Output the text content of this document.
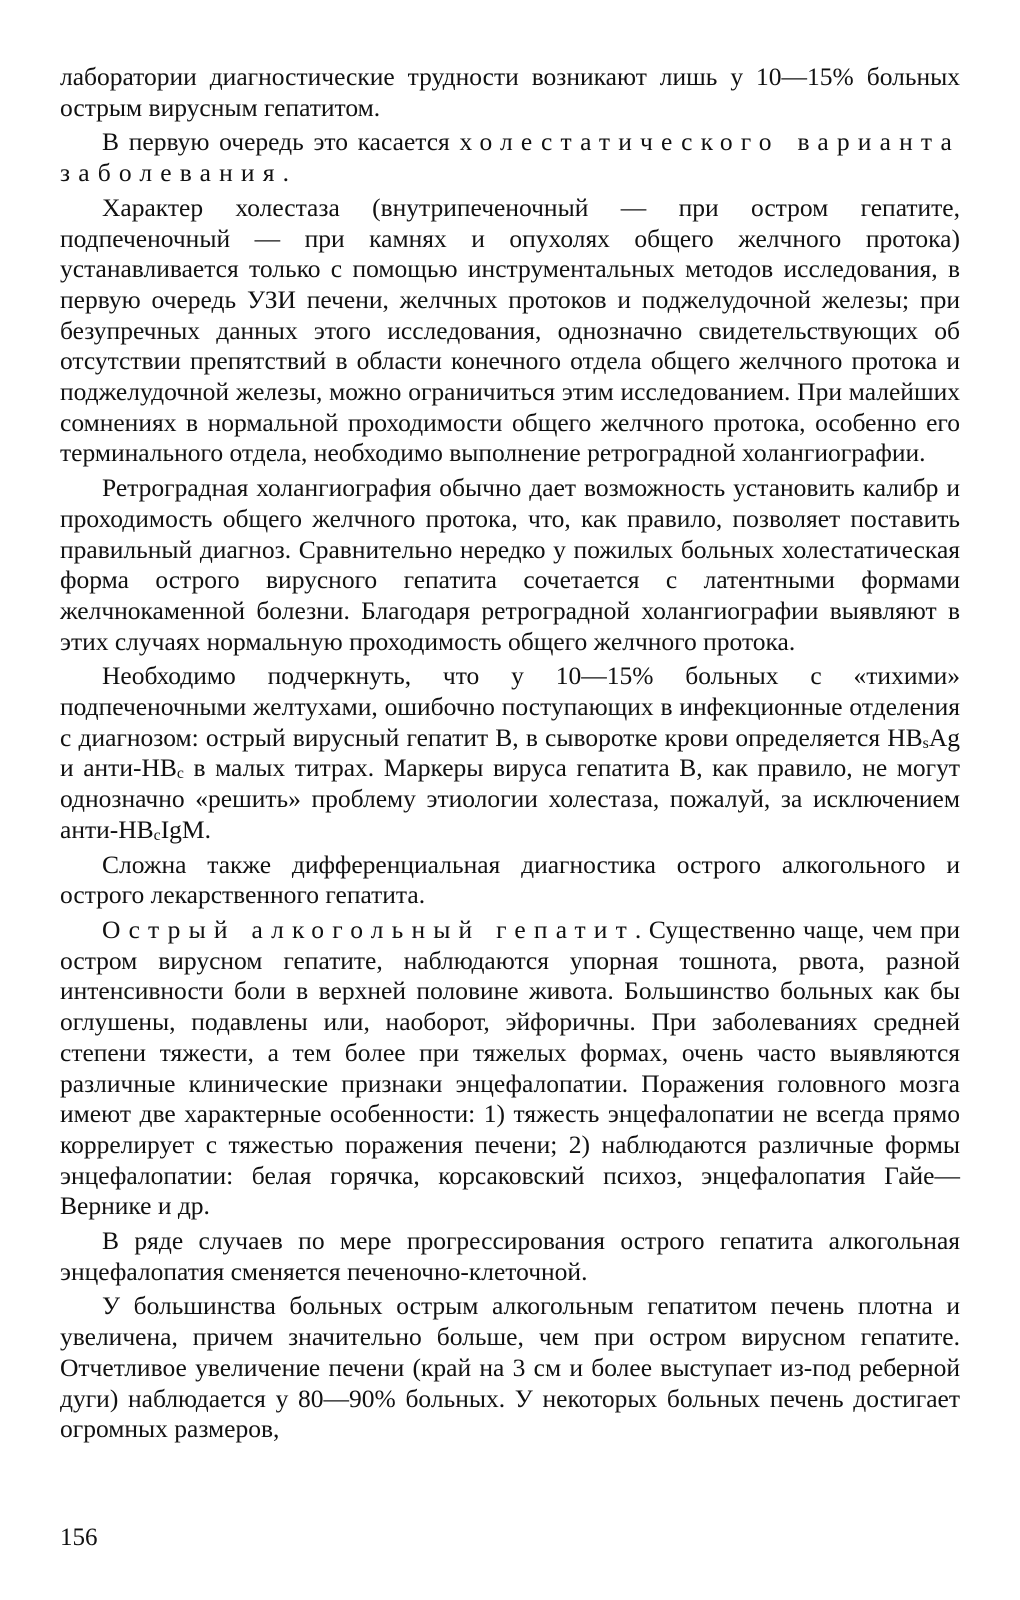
лаборатории диагностические трудности возникают лишь у 10—15% больных острым вирусным гепатитом.

В первую очередь это касается холестатического варианта заболевания.

Характер холестаза (внутрипеченочный — при остром гепатите, подпеченочный — при камнях и опухолях общего желчного протока) устанавливается только с помощью инструментальных методов исследования, в первую очередь УЗИ печени, желчных протоков и поджелудочной железы; при безупречных данных этого исследования, однозначно свидетельствующих об отсутствии препятствий в области конечного отдела общего желчного протока и поджелудочной железы, можно ограничиться этим исследованием. При малейших сомнениях в нормальной проходимости общего желчного протока, особенно его терминального отдела, необходимо выполнение ретроградной холангиографии.

Ретроградная холангиография обычно дает возможность установить калибр и проходимость общего желчного протока, что, как правило, позволяет поставить правильный диагноз. Сравнительно нередко у пожилых больных холестатическая форма острого вирусного гепатита сочетается с латентными формами желчнокаменной болезни. Благодаря ретроградной холангиографии выявляют в этих случаях нормальную проходимость общего желчного протока.

Необходимо подчеркнуть, что у 10—15% больных с «тихими» подпеченочными желтухами, ошибочно поступающих в инфекционные отделения с диагнозом: острый вирусный гепатит В, в сыворотке крови определяется $HB_sAg$ и анти-$HB_c$ в малых титрах. Маркеры вируса гепатита В, как правило, не могут однозначно «решить» проблему этиологии холестаза, пожалуй, за исключением анти-$HB_cIgM$.

Сложна также дифференциальная диагностика острого алкогольного и острого лекарственного гепатита.

Острый алкогольный гепатит. Существенно чаще, чем при остром вирусном гепатите, наблюдаются упорная тошнота, рвота, разной интенсивности боли в верхней половине живота. Большинство больных как бы оглушены, подавлены или, наоборот, эйфоричны. При заболеваниях средней степени тяжести, а тем более при тяжелых формах, очень часто выявляются различные клинические признаки энцефалопатии. Поражения головного мозга имеют две характерные особенности: 1) тяжесть энцефалопатии не всегда прямо коррелирует с тяжестью поражения печени; 2) наблюдаются различные формы энцефалопатии: белая горячка, корсаковский психоз, энцефалопатия Гайе—Вернике и др.

В ряде случаев по мере прогрессирования острого гепатита алкогольная энцефалопатия сменяется печеночно-клеточной.

У большинства больных острым алкогольным гепатитом печень плотна и увеличена, причем значительно больше, чем при остром вирусном гепатите. Отчетливое увеличение печени (край на 3 см и более выступает из-под реберной дуги) наблюдается у 80—90% больных. У некоторых больных печень достигает огромных размеров,

156
